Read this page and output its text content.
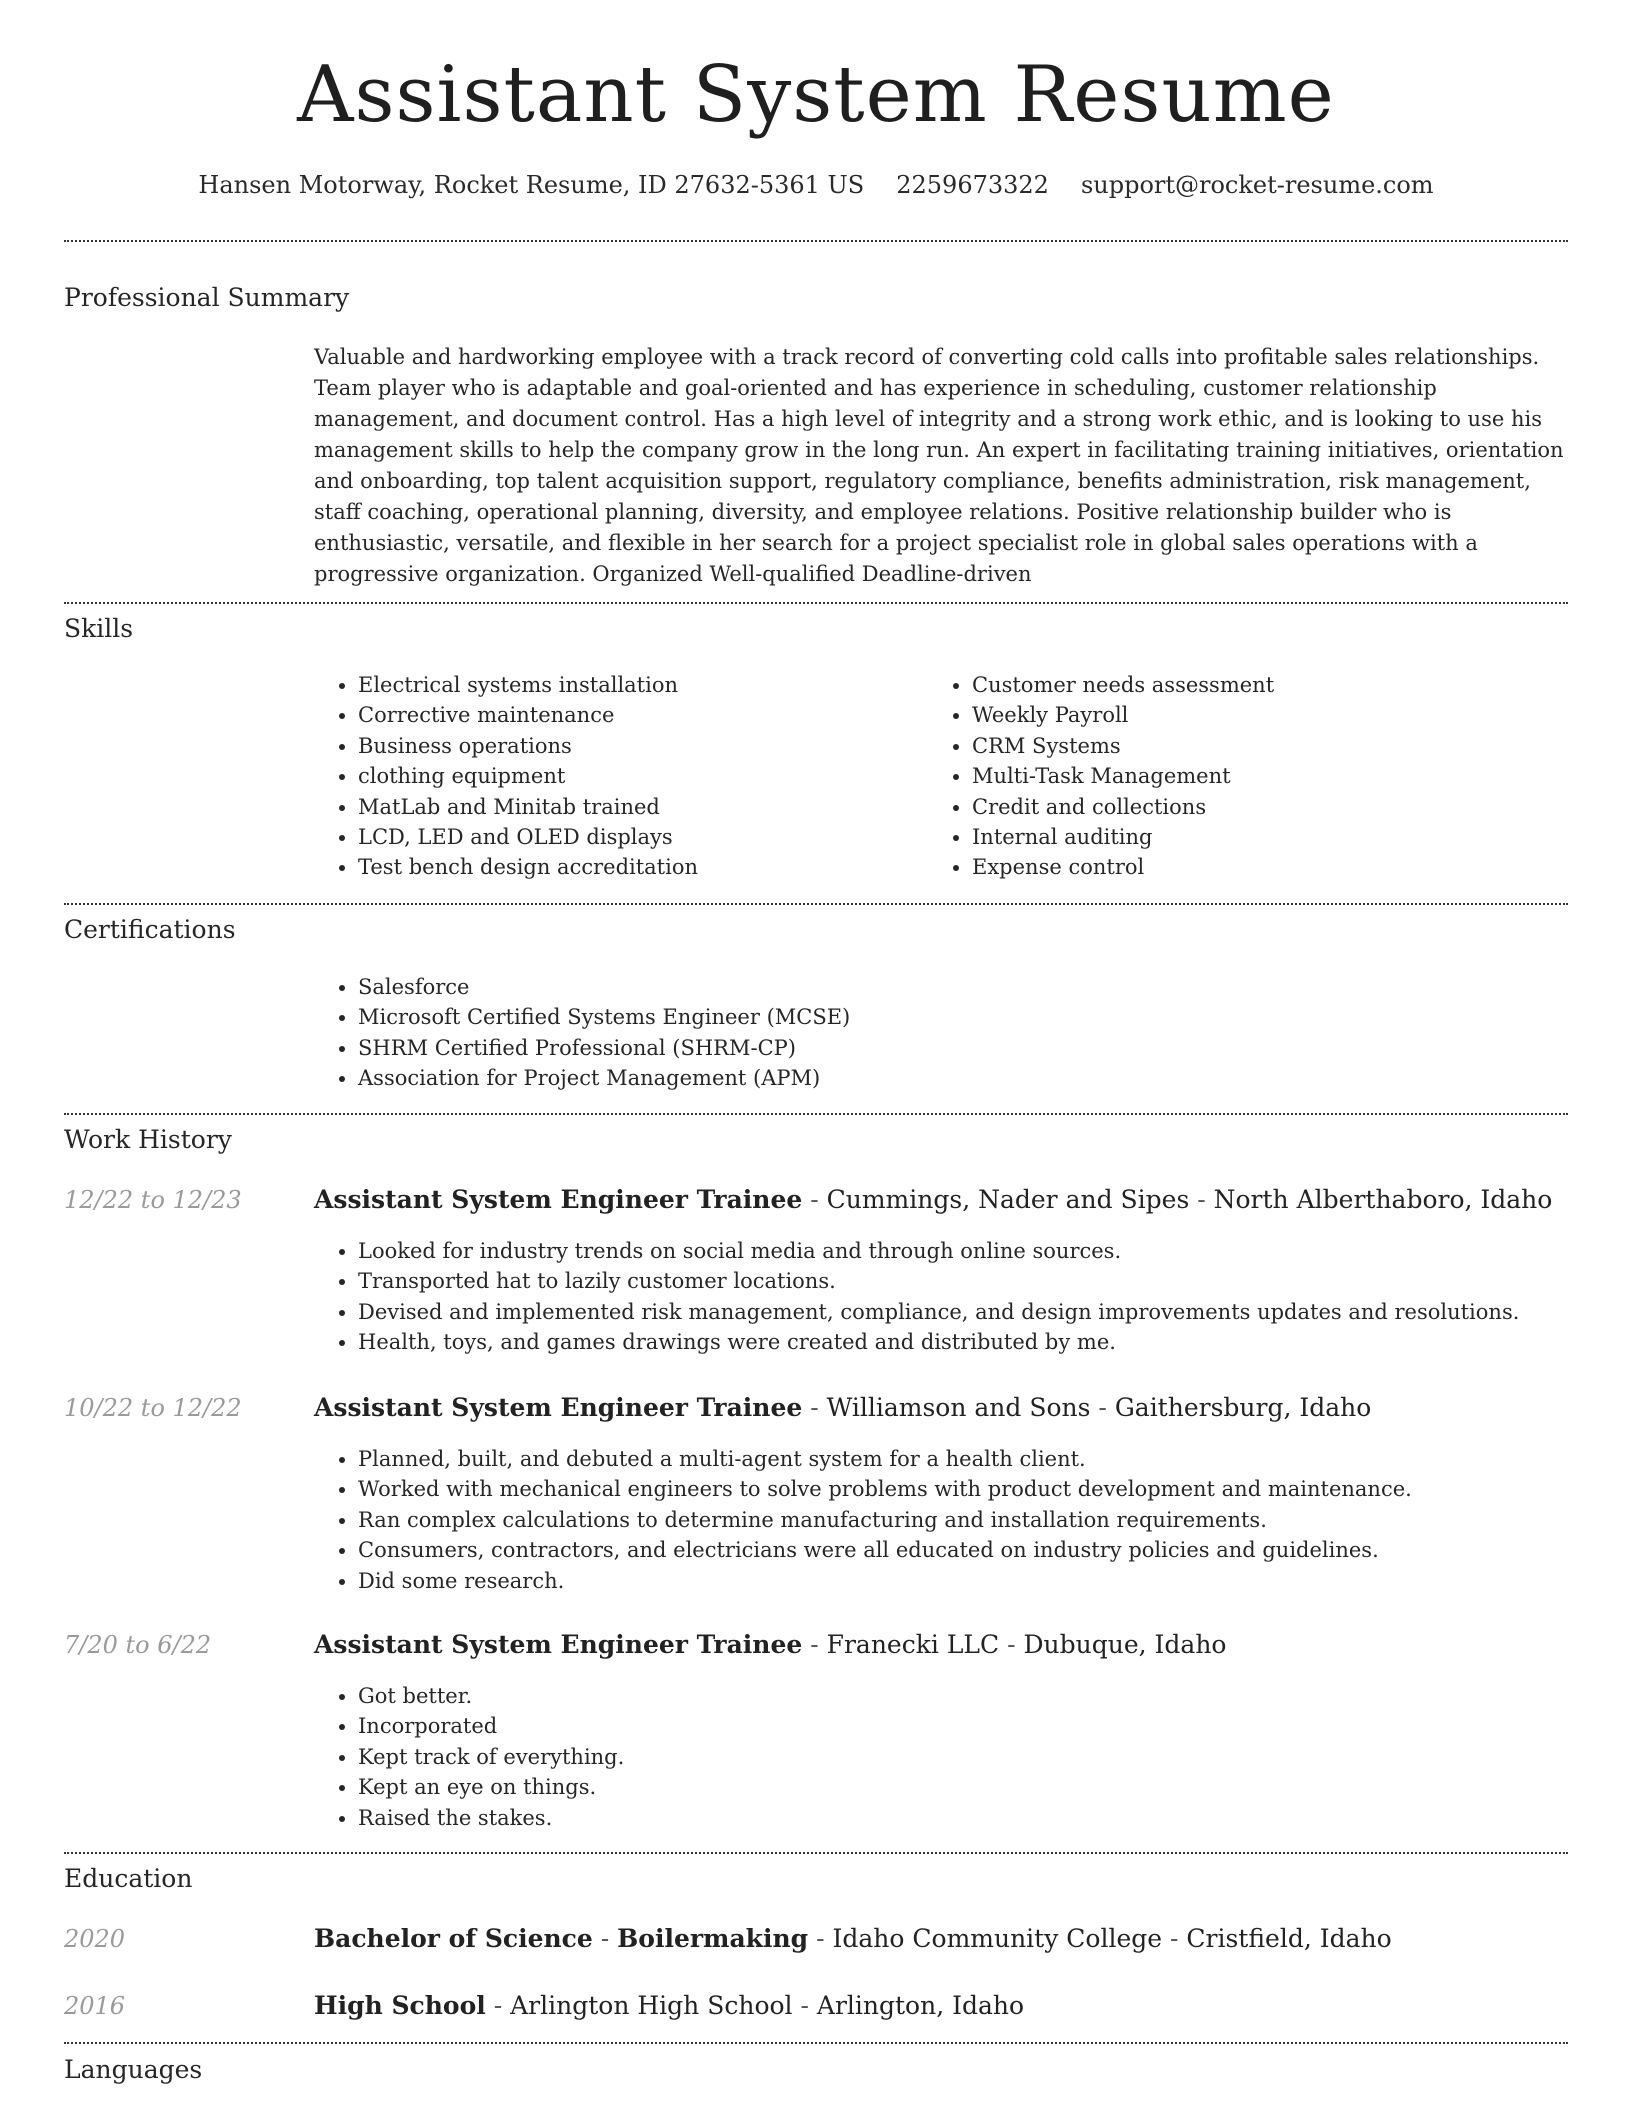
Assistant System Resume
Hansen Motorway, Rocket Resume, ID 27632-5361 US 2259673322 support@rocket-resume.com
Professional Summary

Valuable and hardworking employee with a track record of converting cold calls into profitable sales relationships. Team player who is adaptable and goal-oriented and has experience in scheduling, customer relationship management, and document control. Has a high level of integrity and a strong work ethic, and is looking to use his management skills to help the company grow in the long run. An expert in facilitating training initiatives, orientation and onboarding, top talent acquisition support, regulatory compliance, benefits administration, risk management, staff coaching, operational planning, diversity, and employee relations. Positive relationship builder who is enthusiastic, versatile, and flexible in her search for a project specialist role in global sales operations with a progressive organization. Organized Well-qualified Deadline-driven

Skills
• Electrical systems installation
• Corrective maintenance
• Business operations
• clothing equipment
• MatLab and Minitab trained
• LCD, LED and OLED displays
• Test bench design accreditation
• Customer needs assessment
• Weekly Payroll
• CRM Systems
• Multi-Task Management
• Credit and collections
• Internal auditing
• Expense control
Certifications
• Salesforce
• Microsoft Certified Systems Engineer (MCSE)
• SHRM Certified Professional (SHRM-CP)
• Association for Project Management (APM)
Work History
12/22 to 12/23	Assistant System Engineer Trainee - Cummings, Nader and Sipes - North Alberthaboro, Idaho
• Looked for industry trends on social media and through online sources.
• Transported hat to lazily customer locations.
• Devised and implemented risk management, compliance, and design improvements updates and resolutions.
• Health, toys, and games drawings were created and distributed by me.
10/22 to 12/22	Assistant System Engineer Trainee - Williamson and Sons - Gaithersburg, Idaho
• Planned, built, and debuted a multi-agent system for a health client.
• Worked with mechanical engineers to solve problems with product development and maintenance.
• Ran complex calculations to determine manufacturing and installation requirements.
• Consumers, contractors, and electricians were all educated on industry policies and guidelines.
• Did some research.
7/20 to 6/22	Assistant System Engineer Trainee - Franecki LLC - Dubuque, Idaho
• Got better.
• Incorporated
• Kept track of everything.
• Kept an eye on things.
• Raised the stakes.
Education
2020	Bachelor of Science - Boilermaking - Idaho Community College - Cristfield, Idaho
2016	High School - Arlington High School - Arlington, Idaho
Languages
